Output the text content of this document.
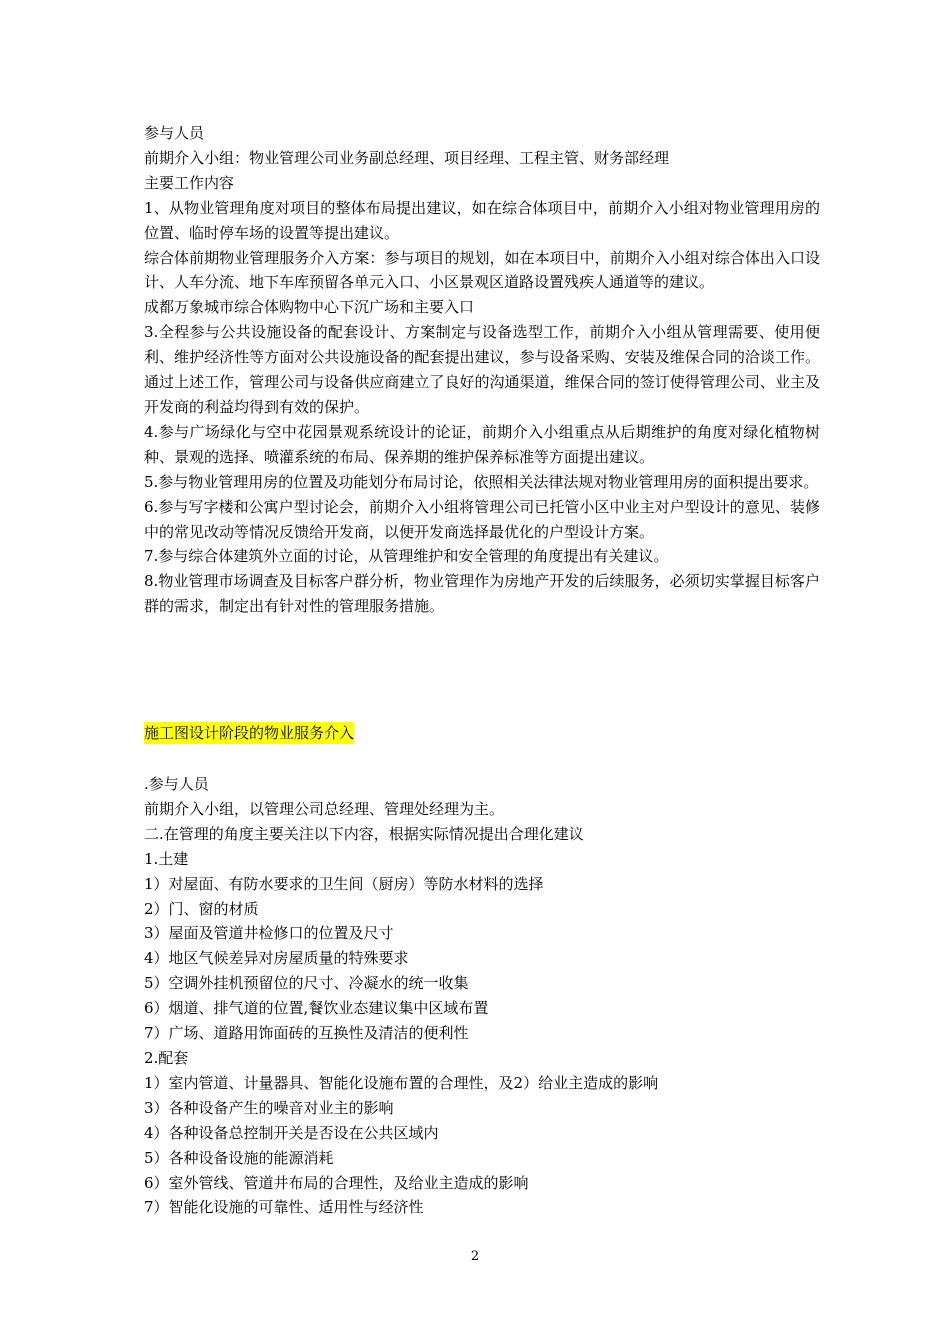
参与人员

前期介入小组：物业管理公司业务副总经理、项目经理、工程主管、财务部经理

主要工作内容

1、从物业管理角度对项目的整体布局提出建议，如在综合体项目中，前期介入小组对物业管理用房的位置、临时停车场的设置等提出建议。

综合体前期物业管理服务介入方案：参与项目的规划，如在本项目中，前期介入小组对综合体出入口设计、人车分流、地下车库预留各单元入口、小区景观区道路设置残疾人通道等的建议。

成都万象城市综合体购物中心下沉广场和主要入口

3.全程参与公共设施设备的配套设计、方案制定与设备选型工作，前期介入小组从管理需要、使用便利、维护经济性等方面对公共设施设备的配套提出建议，参与设备采购、安装及维保合同的洽谈工作。通过上述工作，管理公司与设备供应商建立了良好的沟通渠道，维保合同的签订使得管理公司、业主及开发商的利益均得到有效的保护。

4.参与广场绿化与空中花园景观系统设计的论证，前期介入小组重点从后期维护的角度对绿化植物树种、景观的选择、喷灌系统的布局、保养期的维护保养标准等方面提出建议。

5.参与物业管理用房的位置及功能划分布局讨论，依照相关法律法规对物业管理用房的面积提出要求。

6.参与写字楼和公寓户型讨论会，前期介入小组将管理公司已托管小区中业主对户型设计的意见、装修中的常见改动等情况反馈给开发商，以便开发商选择最优化的户型设计方案。

7.参与综合体建筑外立面的讨论，从管理维护和安全管理的角度提出有关建议。

8.物业管理市场调查及目标客户群分析，物业管理作为房地产开发的后续服务，必须切实掌握目标客户群的需求，制定出有针对性的管理服务措施。

施工图设计阶段的物业服务介入

.参与人员

前期介入小组，以管理公司总经理、管理处经理为主。

二.在管理的角度主要关注以下内容，根据实际情况提出合理化建议

1.土建

1）对屋面、有防水要求的卫生间（厨房）等防水材料的选择

2）门、窗的材质

3）屋面及管道井检修口的位置及尺寸

4）地区气候差异对房屋质量的特殊要求

5）空调外挂机预留位的尺寸、冷凝水的统一收集

6）烟道、排气道的位置,餐饮业态建议集中区域布置

7）广场、道路用饰面砖的互换性及清洁的便利性

2.配套

1）室内管道、计量器具、智能化设施布置的合理性，及2）给业主造成的影响

3）各种设备产生的噪音对业主的影响

4）各种设备总控制开关是否设在公共区域内

5）各种设备设施的能源消耗

6）室外管线、管道井布局的合理性，及给业主造成的影响

7）智能化设施的可靠性、适用性与经济性

2
